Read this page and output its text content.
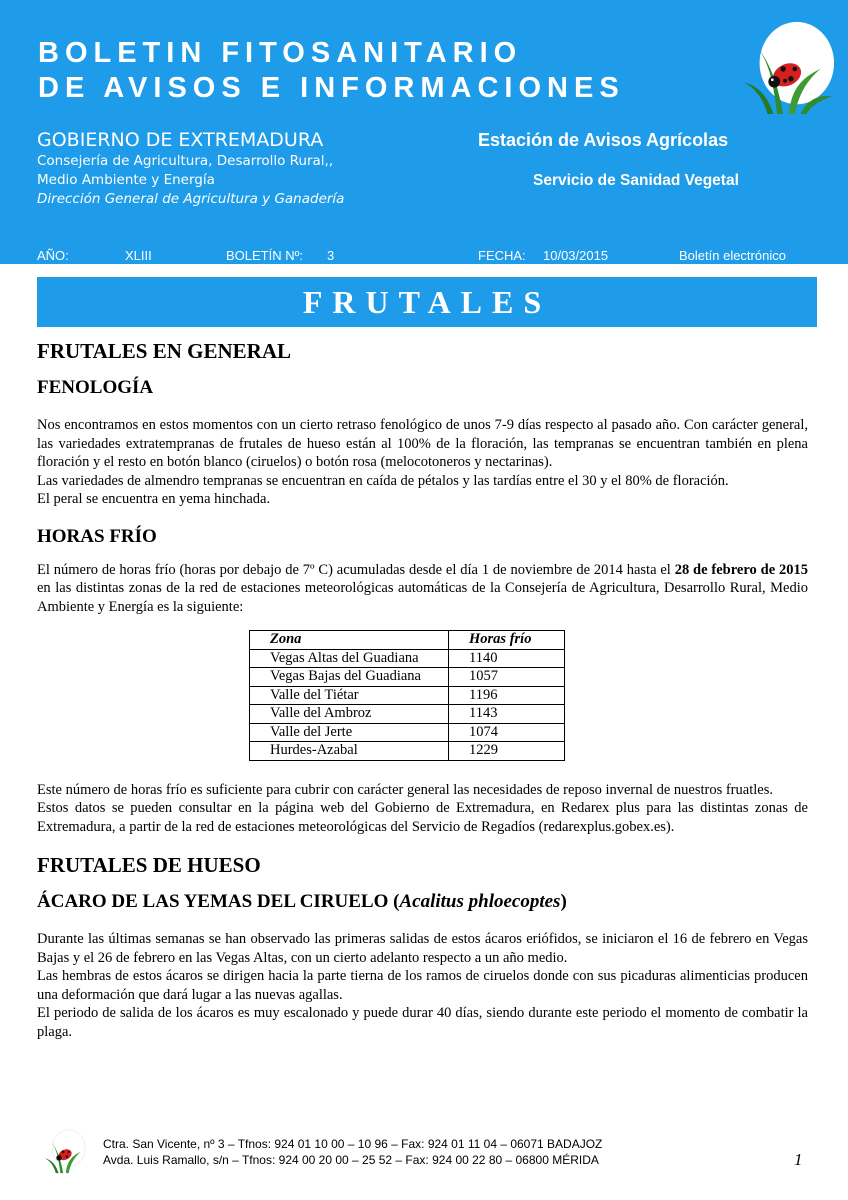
BOLETIN FITOSANITARIO
DE AVISOS E INFORMACIONES
GOBIERNO DE EXTREMADURA
Consejería de Agricultura, Desarrollo Rural,,
Medio Ambiente y Energía
Dirección General de Agricultura y Ganadería
Estación de Avisos Agrícolas
Servicio de Sanidad Vegetal
AÑO:	XLIII	BOLETÍN Nº: 3	FECHA: 10/03/2015	Boletín electrónico
FRUTALES
FRUTALES EN GENERAL
FENOLOGÍA

Nos encontramos en estos momentos con un cierto retraso fenológico de unos 7-9 días respecto al pasado año. Con carácter general, las variedades extratempranas de frutales de hueso están al 100% de la floración, las tempranas se encuentran también en plena floración y el resto en botón blanco (ciruelos) o botón rosa (melocotoneros y nectarinas).

Las variedades de almendro tempranas se encuentran en caída de pétalos y las tardías entre el 30 y el 80% de floración.

El peral se encuentra en yema hinchada.

HORAS FRÍO

El número de horas frío (horas por debajo de 7º C) acumuladas desde el día 1 de noviembre de 2014 hasta el 28 de febrero de 2015 en las distintas zonas de la red de estaciones meteorológicas automáticas de la Consejería de Agricultura, Desarrollo Rural, Medio Ambiente y Energía es la siguiente:

Zona	Horas frío
Vegas Altas del Guadiana	1140
Vegas Bajas del Guadiana	1057
Valle del Tiétar	1196
Valle del Ambroz	1143
Valle del Jerte	1074
Hurdes-Azabal	1229

Este número de horas frío es suficiente para cubrir con carácter general las necesidades de reposo invernal de nuestros fruatles.

Estos datos se pueden consultar en la página web del Gobierno de Extremadura, en Redarex plus para las distintas zonas de Extremadura, a partir de la red de estaciones meteorológicas del Servicio de Regadíos (redarexplus.gobex.es).

FRUTALES DE HUESO
ÁCARO DE LAS YEMAS DEL CIRUELO (Acalitus phloecoptes)

Durante las últimas semanas se han observado las primeras salidas de estos ácaros eriófidos, se iniciaron el 16 de febrero en Vegas Bajas y el 26 de febrero en las Vegas Altas, con un cierto adelanto respecto a un año medio.

Las hembras de estos ácaros se dirigen hacia la parte tierna de los ramos de ciruelos donde con sus picaduras alimenticias producen una deformación que dará lugar a las nuevas agallas.

El periodo de salida de los ácaros es muy escalonado y puede durar 40 días, siendo durante este periodo el momento de combatir la plaga.

Ctra. San Vicente, nº 3 – Tfnos: 924 01 10 00 – 10 96 – Fax: 924 01 11 04 – 06071 BADAJOZ
Avda. Luis Ramallo, s/n – Tfnos: 924 00 20 00 – 25 52 – Fax: 924 00 22 80 – 06800 MÉRIDA	1
